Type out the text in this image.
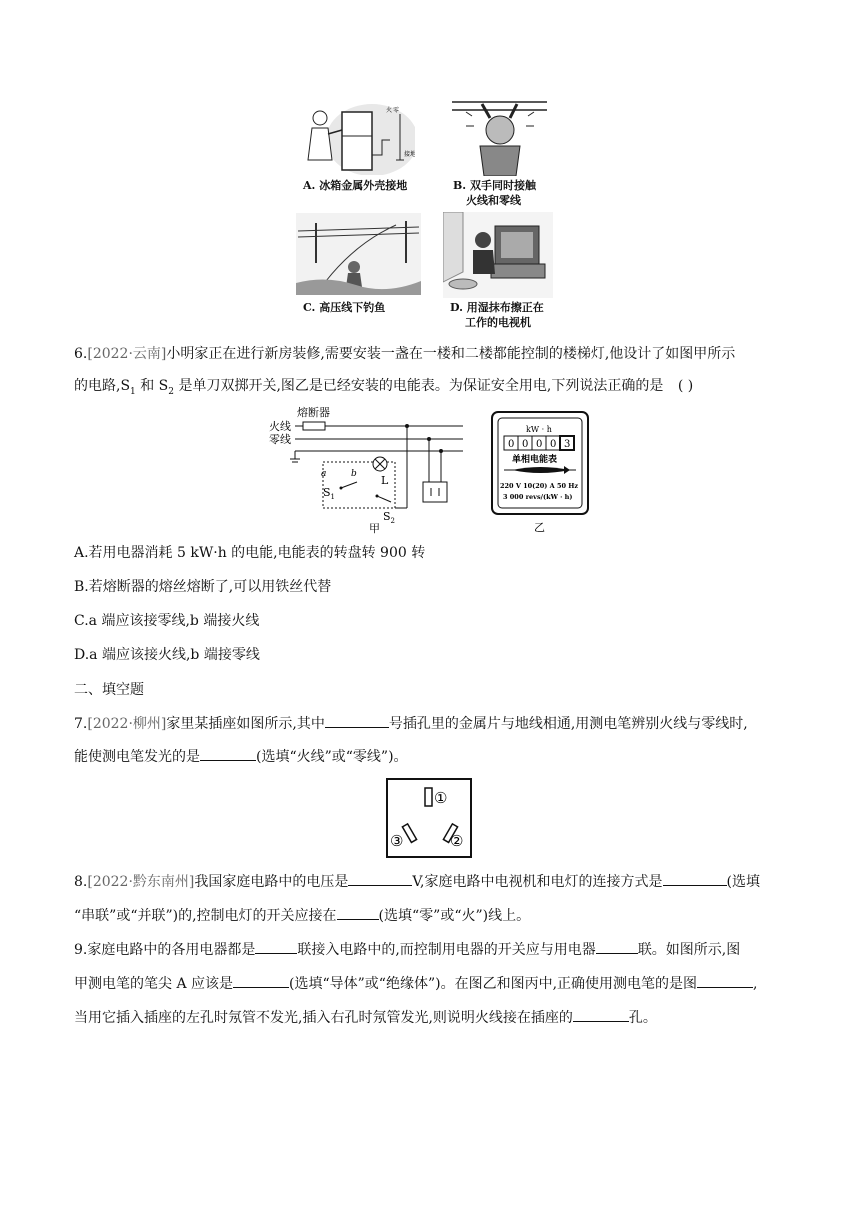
火 零
接地
A. 冰箱金属外壳接地	B. 双手同时接触
火线和零线
C. 高压线下钓鱼	D. 用湿抹布擦正在
工作的电视机
6.[2022·云南]小明家正在进行新房装修,需要安装一盏在一楼和二楼都能控制的楼梯灯,他设计了如图甲所示
的电路$,S_1$ 和 $S_2$ 是单刀双掷开关,图乙是已经安装的电能表。为保证安全用电,下列说法正确的是 ( )
熔断器
火线
零线
a	b L
$S_1$
$S_2$
甲
kW · h
0 0 0 0 3
单相电能表
220 V 10(20) A 50 Hz
3 000 revs/(kW · h)
乙
A.若用电器消耗 5 kW·h 的电能,电能表的转盘转 900 转
B.若熔断器的熔丝熔断了,可以用铁丝代替
C.a 端应该接零线,b 端接火线
D.a 端应该接火线,b 端接零线
二、填空题
7.[2022·柳州]家里某插座如图所示,其中	号插孔里的金属片与地线相通,用测电笔辨别火线与零线时,
能使测电笔发光的是	(选填“火线”或“零线”)。
①
②
③
8.[2022·黔东南州]我国家庭电路中的电压是	V,家庭电路中电视机和电灯的连接方式是	(选填
“串联”或“并联”)的,控制电灯的开关应接在	(选填“零”或“火”)线上。
9.家庭电路中的各用电器都是	联接入电路中的,而控制用电器的开关应与用电器	联。如图所示,图
甲测电笔的笔尖 A 应该是	(选填“导体”或“绝缘体”)。在图乙和图丙中,正确使用测电笔的是图	,
当用它插入插座的左孔时氖管不发光,插入右孔时氖管发光,则说明火线接在插座的	孔。
